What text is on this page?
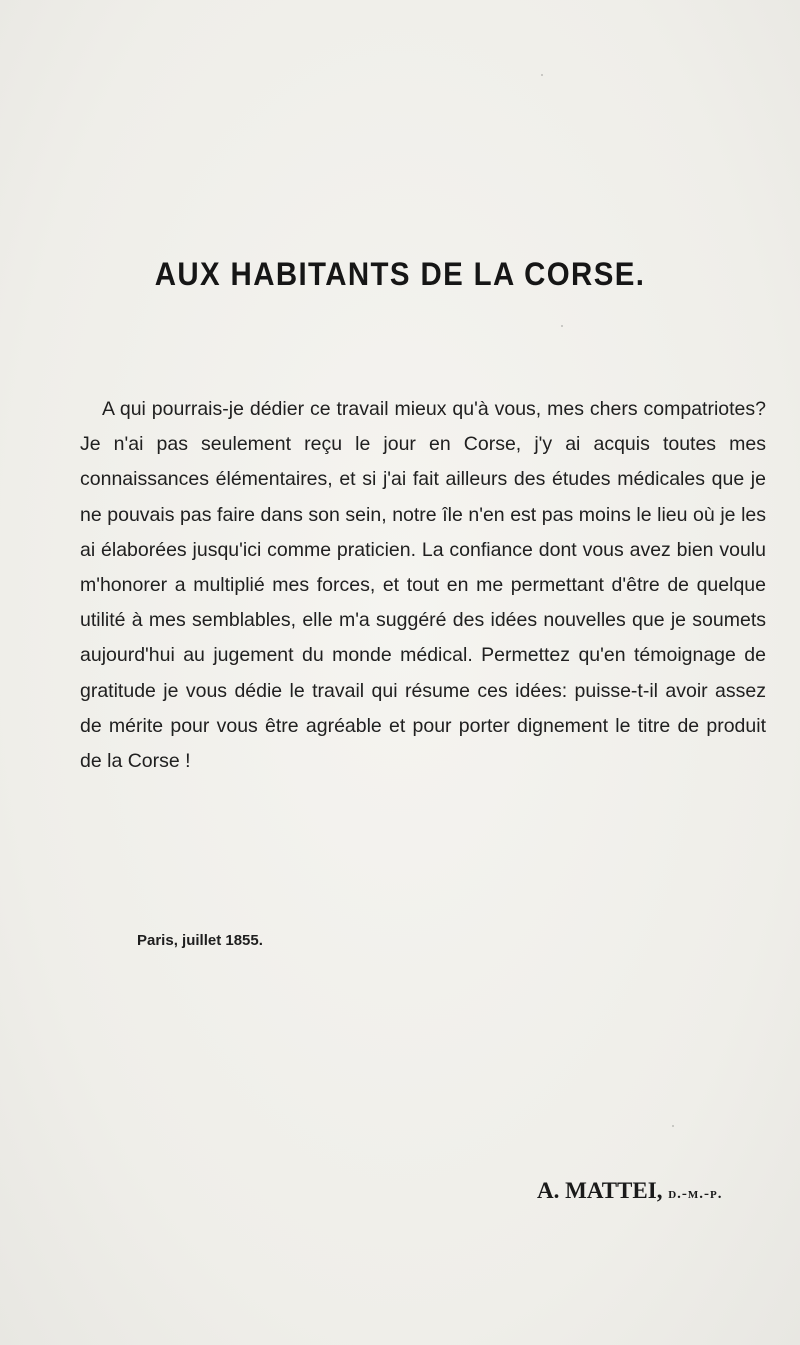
AUX HABITANTS DE LA CORSE.

A qui pourrais-je dédier ce travail mieux qu'à vous, mes chers compatriotes? Je n'ai pas seulement reçu le jour en Corse, j'y ai acquis toutes mes connaissances élémentaires, et si j'ai fait ailleurs des études médicales que je ne pouvais pas faire dans son sein, notre île n'en est pas moins le lieu où je les ai élaborées jusqu'ici comme praticien. La confiance dont vous avez bien voulu m'honorer a multiplié mes forces, et tout en me permettant d'être de quelque utilité à mes semblables, elle m'a suggéré des idées nouvelles que je soumets aujourd'hui au jugement du monde médical. Permettez qu'en témoignage de gratitude je vous dédie le travail qui résume ces idées: puisse-t-il avoir assez de mérite pour vous être agréable et pour porter dignement le titre de produit de la Corse !

Paris, juillet 1855.

A. MATTEI, d.-m.-p.
